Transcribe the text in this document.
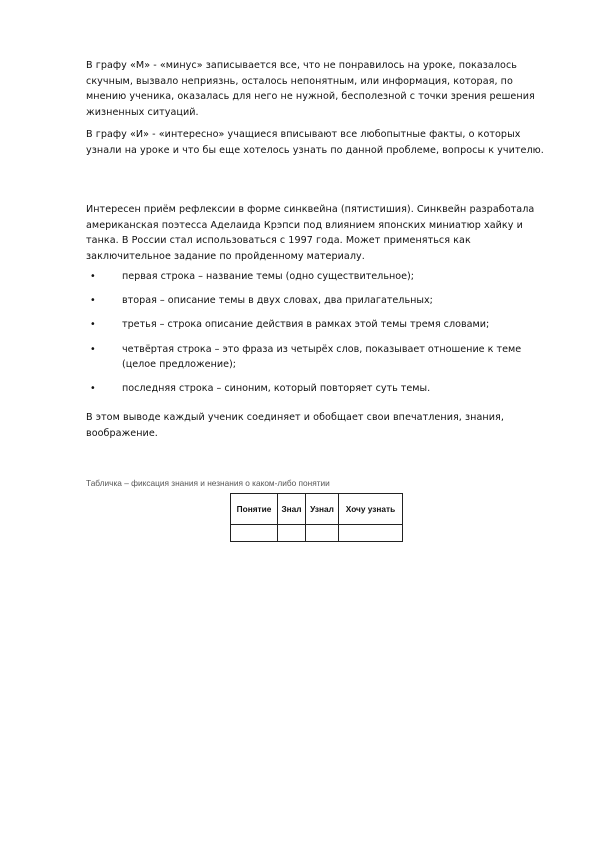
В графу «М» - «минус» записывается все, что не понравилось на уроке, показалось скучным, вызвало неприязнь, осталось непонятным, или информация, которая, по мнению ученика, оказалась для него не нужной, бесполезной с точки зрения решения жизненных ситуаций.

В графу «И» - «интересно» учащиеся вписывают все любопытные факты, о которых узнали на уроке и что бы еще хотелось узнать по данной проблеме, вопросы к учителю.

Интересен приём рефлексии в форме синквейна (пятистишия). Синквейн разработала американская поэтесса Аделаида Крэпси под влиянием японских миниатюр хайку и танка. В России стал использоваться с 1997 года. Может применяться как заключительное задание по пройденному материалу.

•	первая строка – название темы (одно существительное);
•	вторая – описание темы в двух словах, два прилагательных;
•	третья – строка описание действия в рамках этой темы тремя словами;
•	четвёртая строка – это фраза из четырёх слов, показывает отношение к теме (целое предложение);
•	последняя строка – синоним, который повторяет суть темы.

В этом выводе каждый ученик соединяет и обобщает свои впечатления, знания, воображение.

Табличка – фиксация знания и незнания о каком-либо понятии
Понятие	Знал	Узнал	Хочу узнать
